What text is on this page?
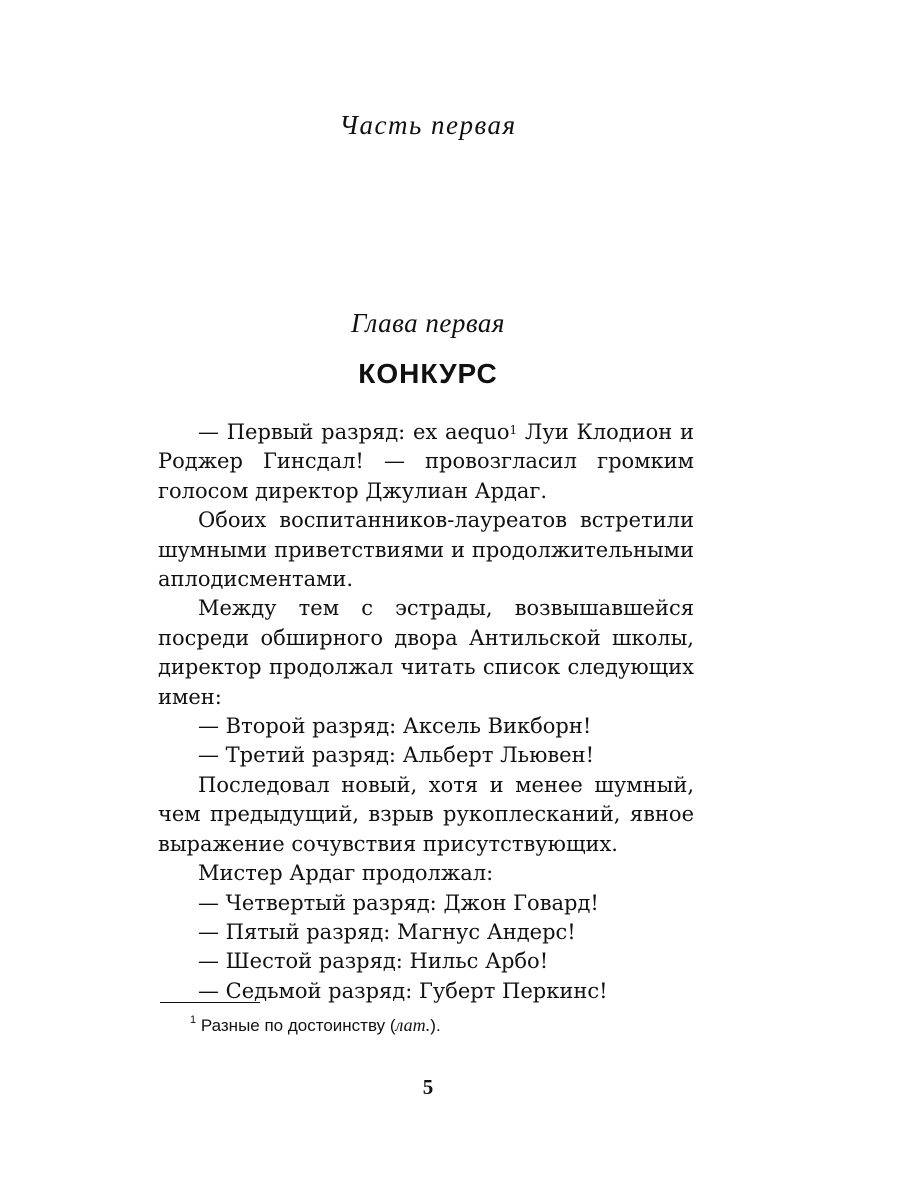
Часть первая
Глава первая
КОНКУРС

— Первый разряд: ex aequo$^1$ Луи Клодион и Роджер Гинсдал! — провозгласил громким голосом директор Джулиан Ардаг.

Обоих воспитанников-лауреатов встретили шумными приветствиями и продолжительными аплодисментами.

Между тем с эстрады, возвышавшейся посреди обширного двора Антильской школы, директор продолжал читать список следующих имен:

— Второй разряд: Аксель Викборн!

— Третий разряд: Альберт Льювен!

Последовал новый, хотя и менее шумный, чем предыдущий, взрыв рукоплесканий, явное выражение сочувствия присутствующих.

Мистер Ардаг продолжал:

— Четвертый разряд: Джон Говард!

— Пятый разряд: Магнус Андерс!

— Шестой разряд: Нильс Арбо!

— Седьмой разряд: Губерт Перкинс!

$^1$ Разные по достоинству (лат.).
5
